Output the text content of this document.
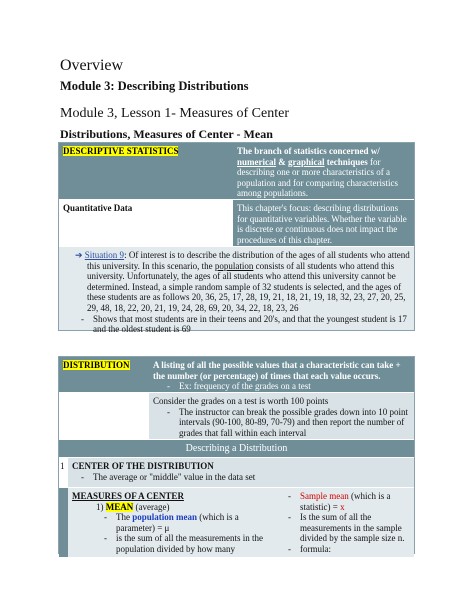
Overview
Module 3: Describing Distributions
Module 3, Lesson 1- Measures of Center
Distributions, Measures of Center - Mean
DESCRIPTIVE STATISTICS	The branch of statistics concerned w/ numerical & graphical techniques for describing one or more characteristics of a population and for comparing characteristics among populations.
Quantitative Data	This chapter's focus: describing distributions for quantitative variables. Whether the variable is discrete or continuous does not impact the procedures of this chapter.
➔ Situation 9: Of interest is to describe the distribution of the ages of all students who attend this university. In this scenario, the population consists of all students who attend this university. Unfortunately, the ages of all students who attend this university cannot be determined. Instead, a simple random sample of 32 students is selected, and the ages of these students are as follows 20, 36, 25, 17, 28, 19, 21, 18, 21, 19, 18, 32, 23, 27, 20, 25, 29, 48, 18, 22, 20, 21, 19, 24, 28, 69, 20, 34, 22, 18, 23, 26
-	Shows that most students are in their teens and 20's, and that the youngest student is 17 and the oldest student is 69
DISTRIBUTION	A listing of all the possible values that a characteristic can take + the number (or percentage) of times that each value occurs.
-	Ex: frequency of the grades on a test
Consider the grades on a test is worth 100 points
-	The instructor can break the possible grades down into 10 point intervals (90-100, 80-89, 70-79) and then report the number of grades that fall within each interval
Describing a Distribution
1 CENTER OF THE DISTRIBUTION
-	The average or "middle" value in the data set
MEASURES OF A CENTER
1) MEAN (average)
-	The population mean (which is a parameter) = μ
-	is the sum of all the measurements in the population divided by how many
-	Sample mean (which is a statistic) = x
-	Is the sum of all the measurements in the sample divided by the sample size n.
-	formula:
